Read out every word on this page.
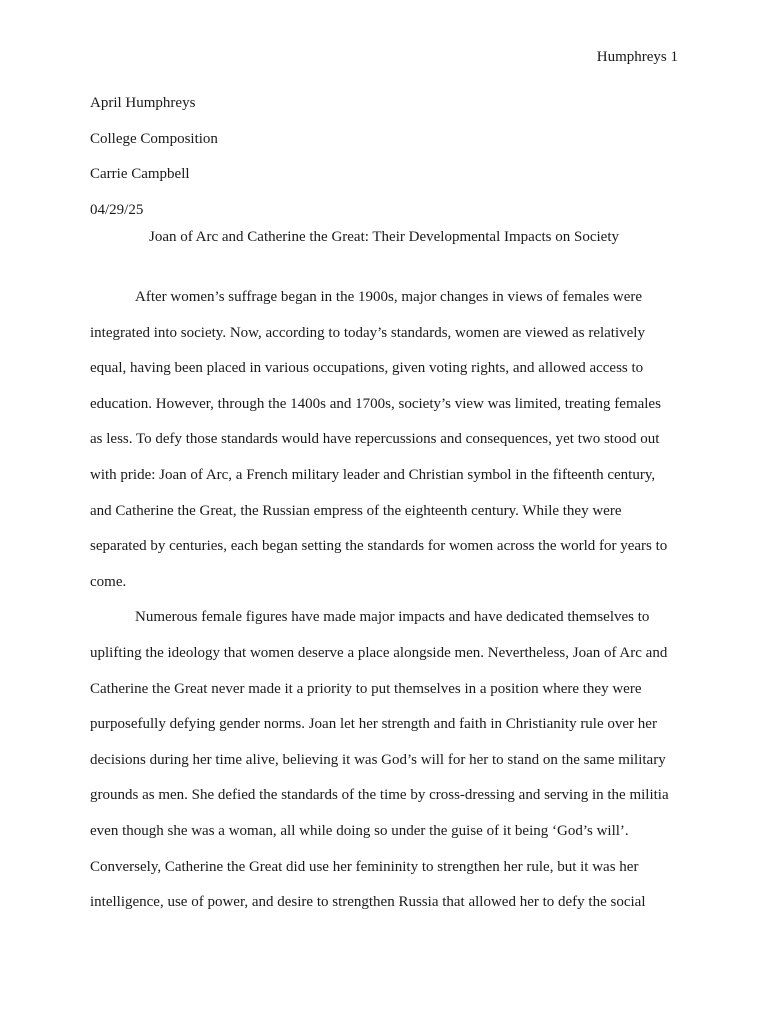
Humphreys 1
April Humphreys
College Composition
Carrie Campbell
04/29/25
Joan of Arc and Catherine the Great: Their Developmental Impacts on Society
After women’s suffrage began in the 1900s, major changes in views of females were
integrated into society. Now, according to today’s standards, women are viewed as relatively
equal, having been placed in various occupations, given voting rights, and allowed access to
education. However, through the 1400s and 1700s, society’s view was limited, treating females
as less. To defy those standards would have repercussions and consequences, yet two stood out
with pride: Joan of Arc, a French military leader and Christian symbol in the fifteenth century,
and Catherine the Great, the Russian empress of the eighteenth century. While they were
separated by centuries, each began setting the standards for women across the world for years to
come.
Numerous female figures have made major impacts and have dedicated themselves to
uplifting the ideology that women deserve a place alongside men. Nevertheless, Joan of Arc and
Catherine the Great never made it a priority to put themselves in a position where they were
purposefully defying gender norms. Joan let her strength and faith in Christianity rule over her
decisions during her time alive, believing it was God’s will for her to stand on the same military
grounds as men. She defied the standards of the time by cross-dressing and serving in the militia
even though she was a woman, all while doing so under the guise of it being ‘God’s will’.
Conversely, Catherine the Great did use her femininity to strengthen her rule, but it was her
intelligence, use of power, and desire to strengthen Russia that allowed her to defy the social
